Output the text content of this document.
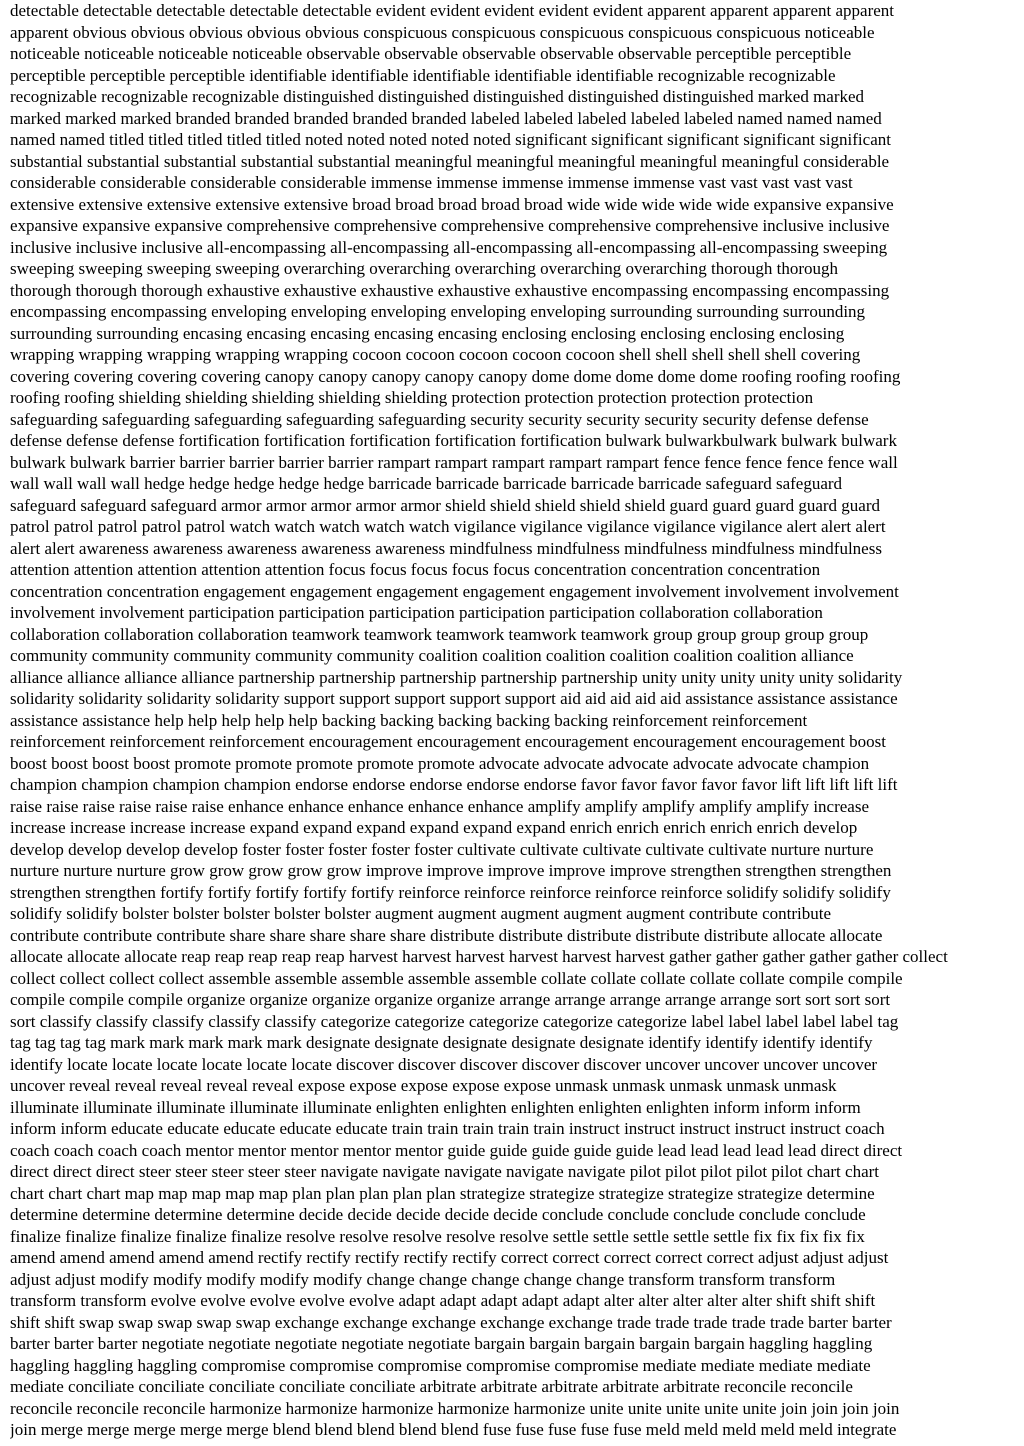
detectable detectable detectable detectable detectable evident evident evident evident evident apparent apparent apparent apparent
apparent obvious obvious obvious obvious obvious conspicuous conspicuous conspicuous conspicuous conspicuous noticeable
noticeable noticeable noticeable noticeable observable observable observable observable observable perceptible perceptible
perceptible perceptible perceptible identifiable identifiable identifiable identifiable identifiable recognizable recognizable
recognizable recognizable recognizable distinguished distinguished distinguished distinguished distinguished marked marked
marked marked marked branded branded branded branded branded labeled labeled labeled labeled labeled named named named
named named titled titled titled titled titled noted noted noted noted noted significant significant significant significant significant
substantial substantial substantial substantial substantial meaningful meaningful meaningful meaningful meaningful considerable
considerable considerable considerable considerable immense immense immense immense immense vast vast vast vast vast
extensive extensive extensive extensive extensive broad broad broad broad broad wide wide wide wide wide expansive expansive
expansive expansive expansive comprehensive comprehensive comprehensive comprehensive comprehensive inclusive inclusive
inclusive inclusive inclusive all-encompassing all-encompassing all-encompassing all-encompassing all-encompassing sweeping
sweeping sweeping sweeping sweeping overarching overarching overarching overarching overarching thorough thorough
thorough thorough thorough exhaustive exhaustive exhaustive exhaustive exhaustive encompassing encompassing encompassing
encompassing encompassing enveloping enveloping enveloping enveloping enveloping surrounding surrounding surrounding
surrounding surrounding encasing encasing encasing encasing encasing enclosing enclosing enclosing enclosing enclosing
wrapping wrapping wrapping wrapping wrapping cocoon cocoon cocoon cocoon cocoon shell shell shell shell shell covering
covering covering covering covering canopy canopy canopy canopy canopy dome dome dome dome dome roofing roofing roofing
roofing roofing shielding shielding shielding shielding shielding protection protection protection protection protection
safeguarding safeguarding safeguarding safeguarding safeguarding security security security security security defense defense
defense defense defense fortification fortification fortification fortification fortification bulwark bulwarkbulwark bulwark bulwark
bulwark bulwark barrier barrier barrier barrier barrier rampart rampart rampart rampart rampart fence fence fence fence fence wall
wall wall wall wall hedge hedge hedge hedge hedge barricade barricade barricade barricade barricade safeguard safeguard
safeguard safeguard safeguard armor armor armor armor armor shield shield shield shield shield guard guard guard guard guard
patrol patrol patrol patrol patrol watch watch watch watch watch vigilance vigilance vigilance vigilance vigilance alert alert alert
alert alert awareness awareness awareness awareness awareness mindfulness mindfulness mindfulness mindfulness mindfulness
attention attention attention attention attention focus focus focus focus focus concentration concentration concentration
concentration concentration engagement engagement engagement engagement engagement involvement involvement involvement
involvement involvement participation participation participation participation participation collaboration collaboration
collaboration collaboration collaboration teamwork teamwork teamwork teamwork teamwork group group group group group
community community community community community coalition coalition coalition coalition coalition coalition alliance
alliance alliance alliance alliance partnership partnership partnership partnership partnership unity unity unity unity unity solidarity
solidarity solidarity solidarity solidarity support support support support support aid aid aid aid aid assistance assistance assistance
assistance assistance help help help help help backing backing backing backing backing reinforcement reinforcement
reinforcement reinforcement reinforcement encouragement encouragement encouragement encouragement encouragement boost
boost boost boost boost promote promote promote promote promote advocate advocate advocate advocate advocate champion
champion champion champion champion endorse endorse endorse endorse endorse favor favor favor favor favor lift lift lift lift lift
raise raise raise raise raise raise enhance enhance enhance enhance enhance amplify amplify amplify amplify amplify increase
increase increase increase increase expand expand expand expand expand expand enrich enrich enrich enrich enrich develop
develop develop develop develop foster foster foster foster foster cultivate cultivate cultivate cultivate cultivate nurture nurture
nurture nurture nurture grow grow grow grow grow improve improve improve improve improve strengthen strengthen strengthen
strengthen strengthen fortify fortify fortify fortify fortify reinforce reinforce reinforce reinforce reinforce solidify solidify solidify
solidify solidify bolster bolster bolster bolster bolster augment augment augment augment augment contribute contribute
contribute contribute contribute share share share share share distribute distribute distribute distribute distribute allocate allocate
allocate allocate allocate reap reap reap reap reap harvest harvest harvest harvest harvest harvest gather gather gather gather gather collect
collect collect collect collect assemble assemble assemble assemble assemble collate collate collate collate collate compile compile
compile compile compile organize organize organize organize organize arrange arrange arrange arrange arrange sort sort sort sort
sort classify classify classify classify classify categorize categorize categorize categorize categorize label label label label label tag
tag tag tag tag mark mark mark mark mark designate designate designate designate designate identify identify identify identify
identify locate locate locate locate locate locate discover discover discover discover discover uncover uncover uncover uncover
uncover reveal reveal reveal reveal reveal expose expose expose expose expose unmask unmask unmask unmask unmask
illuminate illuminate illuminate illuminate illuminate enlighten enlighten enlighten enlighten enlighten inform inform inform
inform inform educate educate educate educate educate train train train train train instruct instruct instruct instruct instruct coach
coach coach coach coach mentor mentor mentor mentor mentor guide guide guide guide guide lead lead lead lead lead direct direct
direct direct direct steer steer steer steer steer navigate navigate navigate navigate navigate pilot pilot pilot pilot pilot chart chart
chart chart chart map map map map map plan plan plan plan plan strategize strategize strategize strategize strategize determine
determine determine determine determine decide decide decide decide decide conclude conclude conclude conclude conclude
finalize finalize finalize finalize finalize resolve resolve resolve resolve resolve settle settle settle settle settle fix fix fix fix fix
amend amend amend amend amend rectify rectify rectify rectify rectify correct correct correct correct correct adjust adjust adjust
adjust adjust modify modify modify modify modify change change change change change transform transform transform
transform transform evolve evolve evolve evolve evolve adapt adapt adapt adapt adapt alter alter alter alter alter shift shift shift
shift shift swap swap swap swap swap exchange exchange exchange exchange exchange trade trade trade trade trade barter barter
barter barter barter negotiate negotiate negotiate negotiate negotiate bargain bargain bargain bargain bargain haggling haggling
haggling haggling haggling compromise compromise compromise compromise compromise mediate mediate mediate mediate
mediate conciliate conciliate conciliate conciliate conciliate arbitrate arbitrate arbitrate arbitrate arbitrate reconcile reconcile
reconcile reconcile reconcile harmonize harmonize harmonize harmonize harmonize unite unite unite unite unite join join join join
join merge merge merge merge merge blend blend blend blend blend fuse fuse fuse fuse fuse meld meld meld meld meld integrate
